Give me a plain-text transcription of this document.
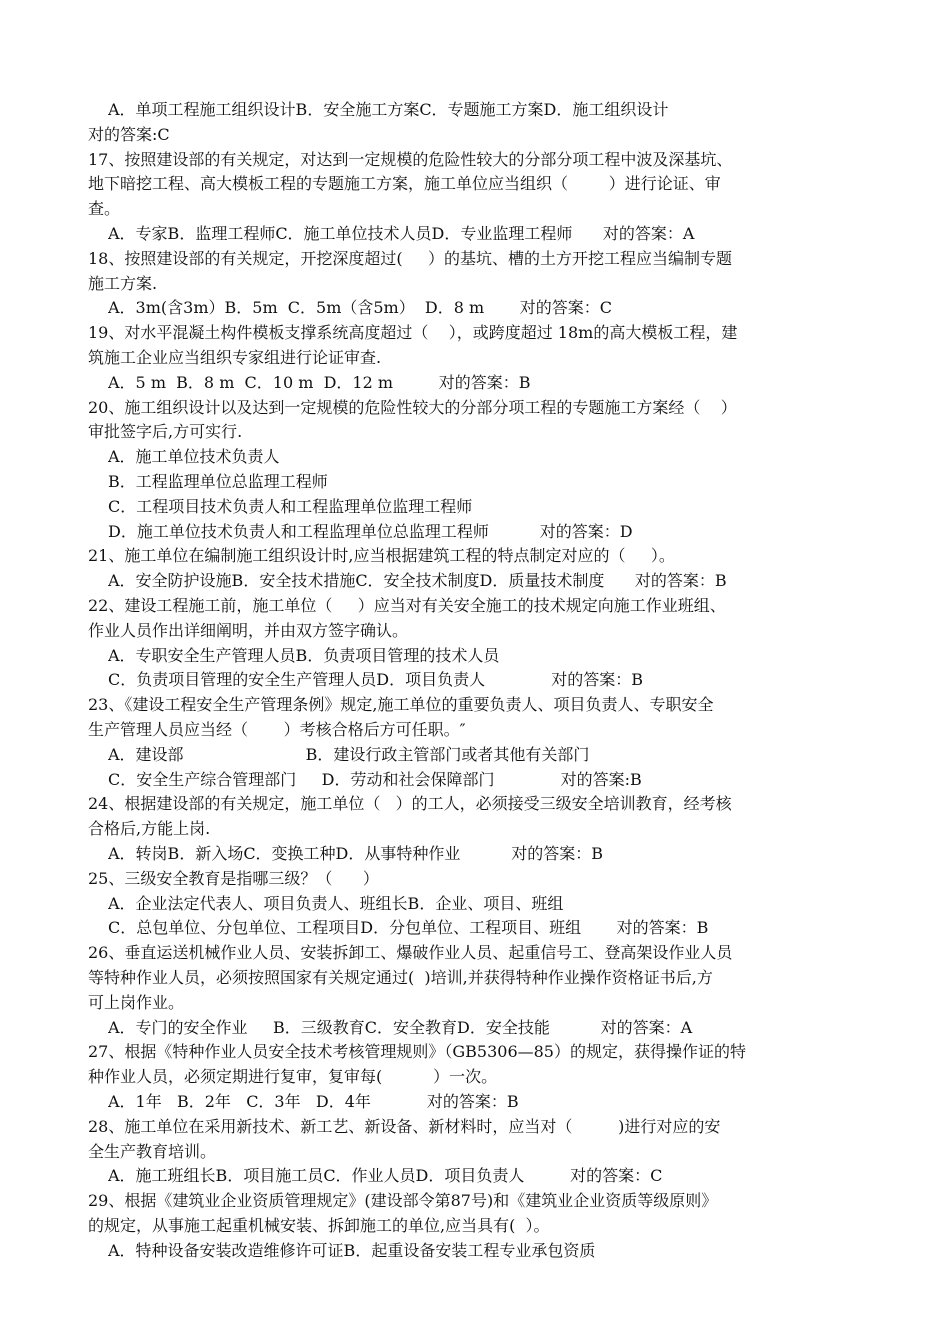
A．单项工程施工组织设计B．安全施工方案C．专题施工方案D．施工组织设计
对的答案:C
17、按照建设部的有关规定，对达到一定规模的危险性较大的分部分项工程中波及深基坑、
地下暗挖工程、高大模板工程的专题施工方案，施工单位应当组织（        ）进行论证、审
查。
A．专家B．监理工程师C．施工单位技术人员D．专业监理工程师      对的答案：A
18、按照建设部的有关规定，开挖深度超过(     ）的基坑、槽的土方开挖工程应当编制专题
施工方案.
A．3m(含3m）B．5m  C．5m（含5m）  D．8 m       对的答案：C
19、对水平混凝土构件模板支撑系统高度超过（    ），或跨度超过 18m的高大模板工程，建
筑施工企业应当组织专家组进行论证审查.
A．5 m  B．8 m  C．10 m  D．12 m         对的答案：B
20、施工组织设计以及达到一定规模的危险性较大的分部分项工程的专题施工方案经（    ）
审批签字后,方可实行.
A．施工单位技术负责人
B．工程监理单位总监理工程师
C．工程项目技术负责人和工程监理单位监理工程师
D．施工单位技术负责人和工程监理单位总监理工程师          对的答案：D
21、施工单位在编制施工组织设计时,应当根据建筑工程的特点制定对应的（     ）。
A．安全防护设施B．安全技术措施C．安全技术制度D．质量技术制度      对的答案：B
22、建设工程施工前，施工单位（     ）应当对有关安全施工的技术规定向施工作业班组、
作业人员作出详细阐明，并由双方签字确认。
A．专职安全生产管理人员B．负责项目管理的技术人员
C．负责项目管理的安全生产管理人员D．项目负责人             对的答案：B
23、《建设工程安全生产管理条例》规定,施工单位的重要负责人、项目负责人、专职安全
生产管理人员应当经（       ）考核合格后方可任职。″
A．建设部                        B．建设行政主管部门或者其他有关部门
C．安全生产综合管理部门     D．劳动和社会保障部门             对的答案:B
24、根据建设部的有关规定，施工单位（   ）的工人，必须接受三级安全培训教育，经考核
合格后,方能上岗.
A．转岗B．新入场C．变换工种D．从事特种作业          对的答案：B
25、三级安全教育是指哪三级？（      ）
A．企业法定代表人、项目负责人、班组长B．企业、项目、班组
C．总包单位、分包单位、工程项目D．分包单位、工程项目、班组       对的答案：B
26、垂直运送机械作业人员、安装拆卸工、爆破作业人员、起重信号工、登高架设作业人员
等特种作业人员，必须按照国家有关规定通过(  )培训,并获得特种作业操作资格证书后,方
可上岗作业。
A．专门的安全作业     B．三级教育C．安全教育D．安全技能          对的答案：A
27、根据《特种作业人员安全技术考核管理规则》（GB5306—85）的规定，获得操作证的特
种作业人员，必须定期进行复审，复审每(          ）一次。
A．1年   B．2年   C．3年   D．4年           对的答案：B
28、施工单位在采用新技术、新工艺、新设备、新材料时，应当对（         )进行对应的安
全生产教育培训。
A．施工班组长B．项目施工员C．作业人员D．项目负责人         对的答案：C
29、根据《建筑业企业资质管理规定》(建设部令第87号)和《建筑业企业资质等级原则》
的规定，从事施工起重机械安装、拆卸施工的单位,应当具有(  ）。
A．特种设备安装改造维修许可证B．起重设备安装工程专业承包资质
